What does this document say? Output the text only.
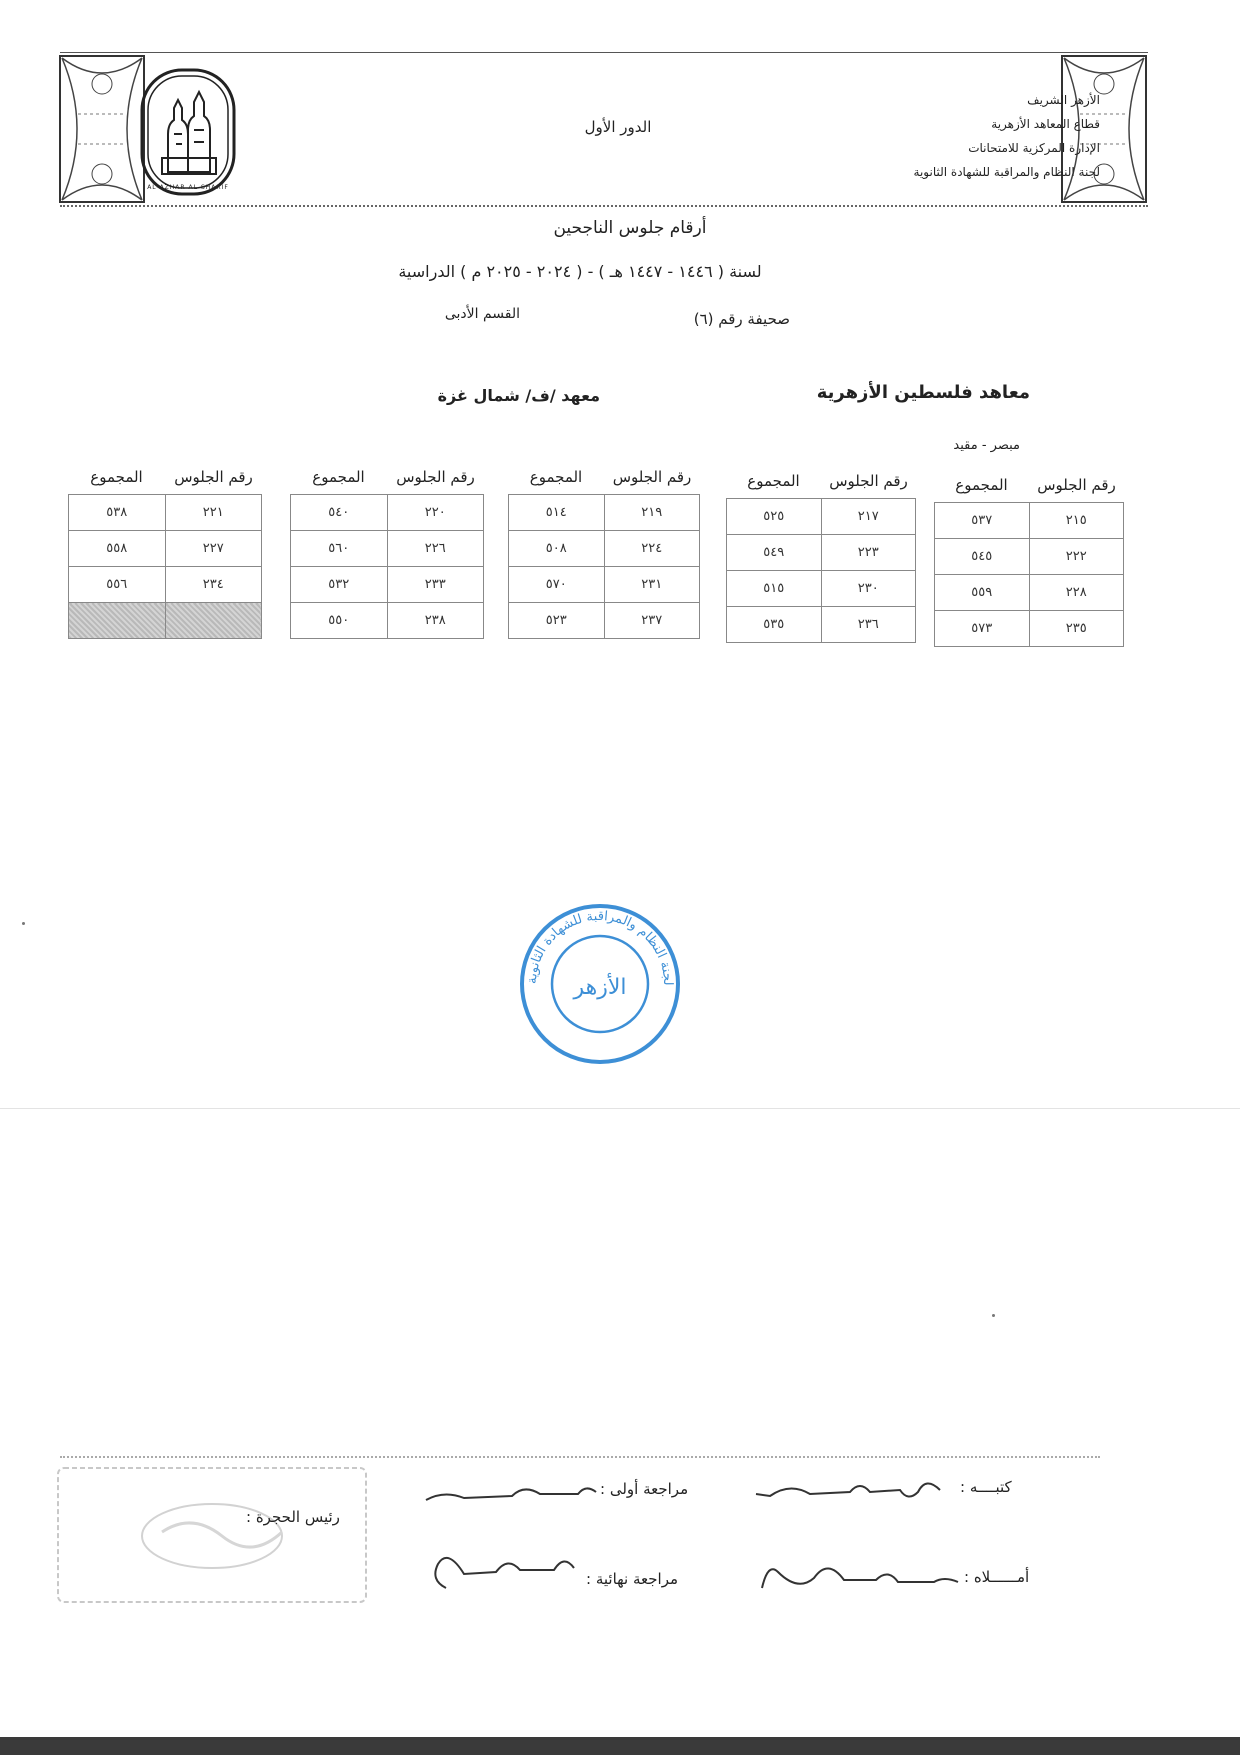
AL-AZHAR AL-SHARIF
الأزهر الشريف
قطاع المعاهد الأزهرية
الإدارة المركزية للامتحانات
لجنة النظام والمراقبة للشهادة الثانوية
الدور الأول
أرقام جلوس الناجحين
لسنة ( ١٤٤٦ - ١٤٤٧ هـ ) - ( ٢٠٢٤ - ٢٠٢٥ م ) الدراسية
صحيفة رقم (٦)
القسم الأدبى
معاهد فلسطين الأزهرية
معهد /ف/ شمال غزة
مبصر - مقيد
رقم الجلوس
المجموع
٢١٥	٥٣٧
٢٢٢	٥٤٥
٢٢٨	٥٥٩
٢٣٥	٥٧٣
رقم الجلوس
المجموع
٢١٧	٥٢٥
٢٢٣	٥٤٩
٢٣٠	٥١٥
٢٣٦	٥٣٥
رقم الجلوس
المجموع
٢١٩	٥١٤
٢٢٤	٥٠٨
٢٣١	٥٧٠
٢٣٧	٥٢٣
رقم الجلوس
المجموع
٢٢٠	٥٤٠
٢٢٦	٥٦٠
٢٣٣	٥٣٢
٢٣٨	٥٥٠
رقم الجلوس
المجموع
٢٢١	٥٣٨
٢٢٧	٥٥٨
٢٣٤	٥٥٦

لجنة النظام والمراقبة للشهادة الثانوية
الأزهر
كتبــــه :
أمــــــلاه :
مراجعة أولى :
مراجعة نهائية :
رئيس الحجرة :
